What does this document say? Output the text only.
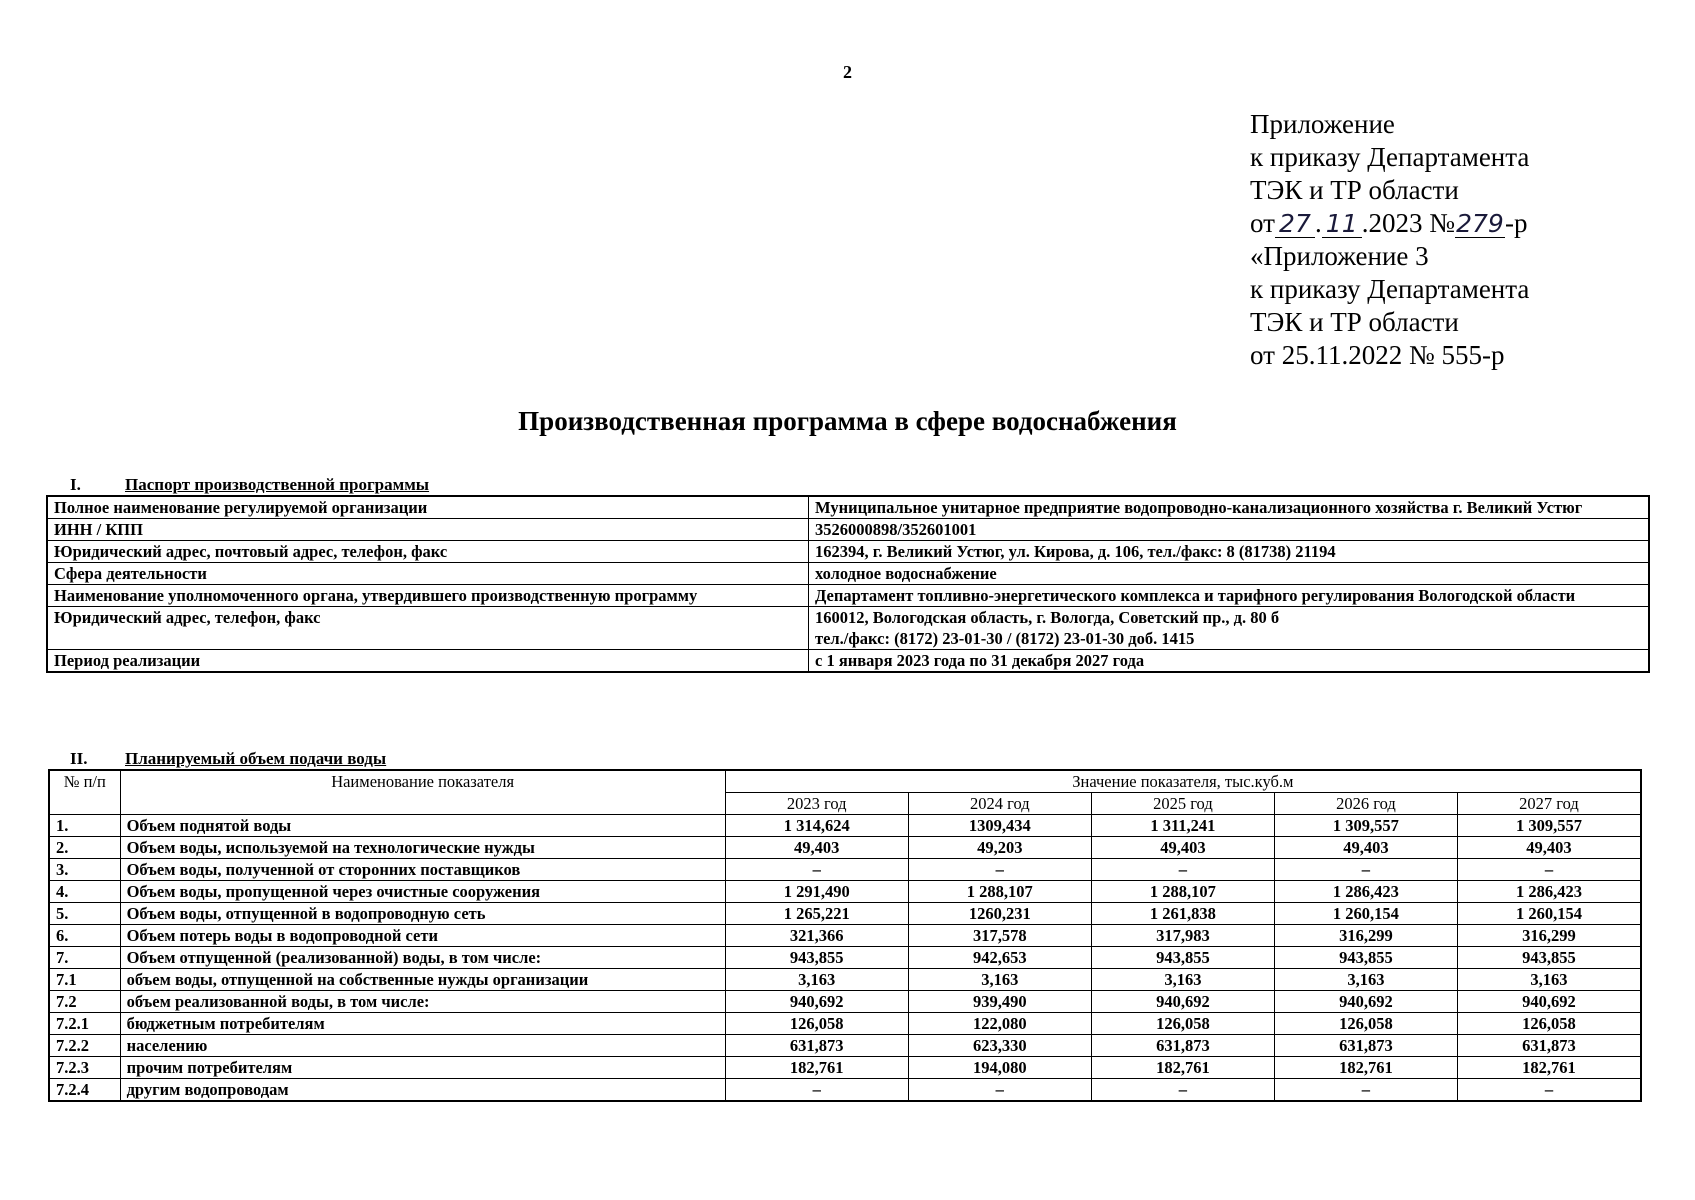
2
Приложение
к приказу Департамента
ТЭК и ТР области
от 27 . 11 .2023 №279-р
«Приложение 3
к приказу Департамента
ТЭК и ТР области
от 25.11.2022 № 555-р
Производственная программа в сфере водоснабжения
I.	Паспорт производственной программы
Полное наименование регулируемой организации	Муниципальное унитарное предприятие водопроводно-канализационного хозяйства г. Великий Устюг

ИНН / КПП	3526000898/352601001

Юридический адрес, почтовый адрес, телефон, факс	162394, г. Великий Устюг, ул. Кирова, д. 106, тел./факс: 8 (81738) 21194

Сфера деятельности	холодное водоснабжение

Наименование уполномоченного органа, утвердившего производственную программу	Департамент топливно-энергетического комплекса и тарифного регулирования Вологодской области

Юридический адрес, телефон, факс	160012, Вологодская область, г. Вологда, Советский пр., д. 80 б
тел./факс: (8172) 23-01-30 / (8172) 23-01-30 доб. 1415

Период реализации	с 1 января 2023 года по 31 декабря 2027 года
II. Планируемый объем подачи воды
№ п/п	Наименование показателя	Значение показателя, тыс.куб.м				
		2023 год	2024 год	2025 год	2026 год	2027 год
1.	Объем поднятой воды	1 314,624	1309,434	1 311,241	1 309,557	1 309,557
2.	Объем воды, используемой на технологические нужды	49,403	49,203	49,403	49,403	49,403
3.	Объем воды, полученной от сторонних поставщиков	–	–	–	–	–
4.	Объем воды, пропущенной через очистные сооружения	1 291,490	1 288,107	1 288,107	1 286,423	1 286,423
5.	Объем воды, отпущенной в водопроводную сеть	1 265,221	1260,231	1 261,838	1 260,154	1 260,154
6.	Объем потерь воды в водопроводной сети	321,366	317,578	317,983	316,299	316,299
7.	Объем отпущенной (реализованной) воды, в том числе:	943,855	942,653	943,855	943,855	943,855
7.1	объем воды, отпущенной на собственные нужды организации	3,163	3,163	3,163	3,163	3,163
7.2	объем реализованной воды, в том числе:	940,692	939,490	940,692	940,692	940,692
7.2.1	бюджетным потребителям	126,058	122,080	126,058	126,058	126,058
7.2.2	населению	631,873	623,330	631,873	631,873	631,873
7.2.3	прочим потребителям	182,761	194,080	182,761	182,761	182,761
7.2.4	другим водопроводам	–	–	–	–	–
